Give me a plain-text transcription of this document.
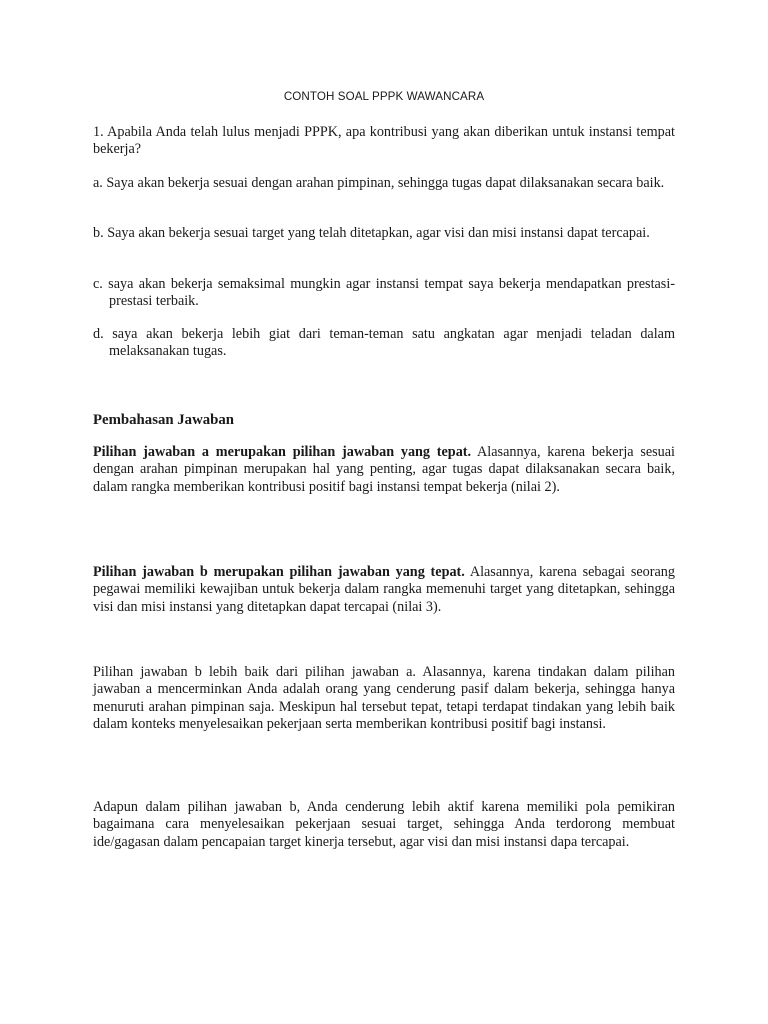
CONTOH SOAL PPPK WAWANCARA

1. Apabila Anda telah lulus menjadi PPPK, apa kontribusi yang akan diberikan untuk instansi tempat bekerja?

a. Saya akan bekerja sesuai dengan arahan pimpinan, sehingga tugas dapat dilaksanakan secara baik.

b. Saya akan bekerja sesuai target yang telah ditetapkan, agar visi dan misi instansi dapat tercapai.

c. saya akan bekerja semaksimal mungkin agar instansi tempat saya bekerja mendapatkan prestasi-prestasi terbaik.

d. saya akan bekerja lebih giat dari teman-teman satu angkatan agar menjadi teladan dalam melaksanakan tugas.

Pembahasan Jawaban

Pilihan jawaban a merupakan pilihan jawaban yang tepat. Alasannya, karena bekerja sesuai dengan arahan pimpinan merupakan hal yang penting, agar tugas dapat dilaksanakan secara baik, dalam rangka memberikan kontribusi positif bagi instansi tempat bekerja (nilai 2).

Pilihan jawaban b merupakan pilihan jawaban yang tepat. Alasannya, karena sebagai seorang pegawai memiliki kewajiban untuk bekerja dalam rangka memenuhi target yang ditetapkan, sehingga visi dan misi instansi yang ditetapkan dapat tercapai (nilai 3).

Pilihan jawaban b lebih baik dari pilihan jawaban a. Alasannya, karena tindakan dalam pilihan jawaban a mencerminkan Anda adalah orang yang cenderung pasif dalam bekerja, sehingga hanya menuruti arahan pimpinan saja. Meskipun hal tersebut tepat, tetapi terdapat tindakan yang lebih baik dalam konteks menyelesaikan pekerjaan serta memberikan kontribusi positif bagi instansi.

Adapun dalam pilihan jawaban b, Anda cenderung lebih aktif karena memiliki pola pemikiran bagaimana cara menyelesaikan pekerjaan sesuai target, sehingga Anda terdorong membuat ide/gagasan dalam pencapaian target kinerja tersebut, agar visi dan misi instansi dapa tercapai.
